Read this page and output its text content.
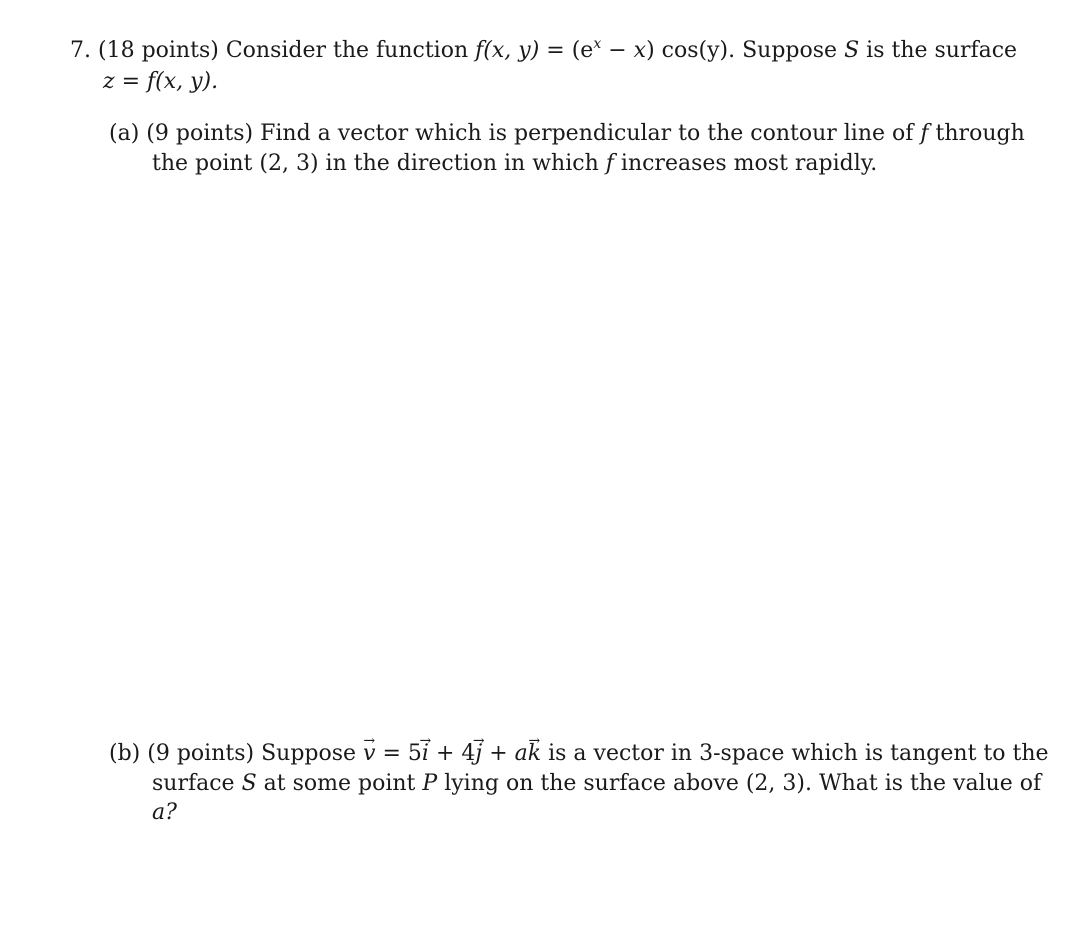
7. (18 points) Consider the function f(x, $y) = (e^x - x)$ cos(y). Suppose S is the surface
z = f(x, y).
(a) (9 points) Find a vector which is perpendicular to the contour line of f through
the point (2, 3) in the direction in which f increases most rapidly.
(b) (9 points) Suppose → v = 5→ i + 4→ j + a→ k is a vector in 3-space which is tangent to the
surface S at some point P lying on the surface above (2, 3). What is the value of
a?
